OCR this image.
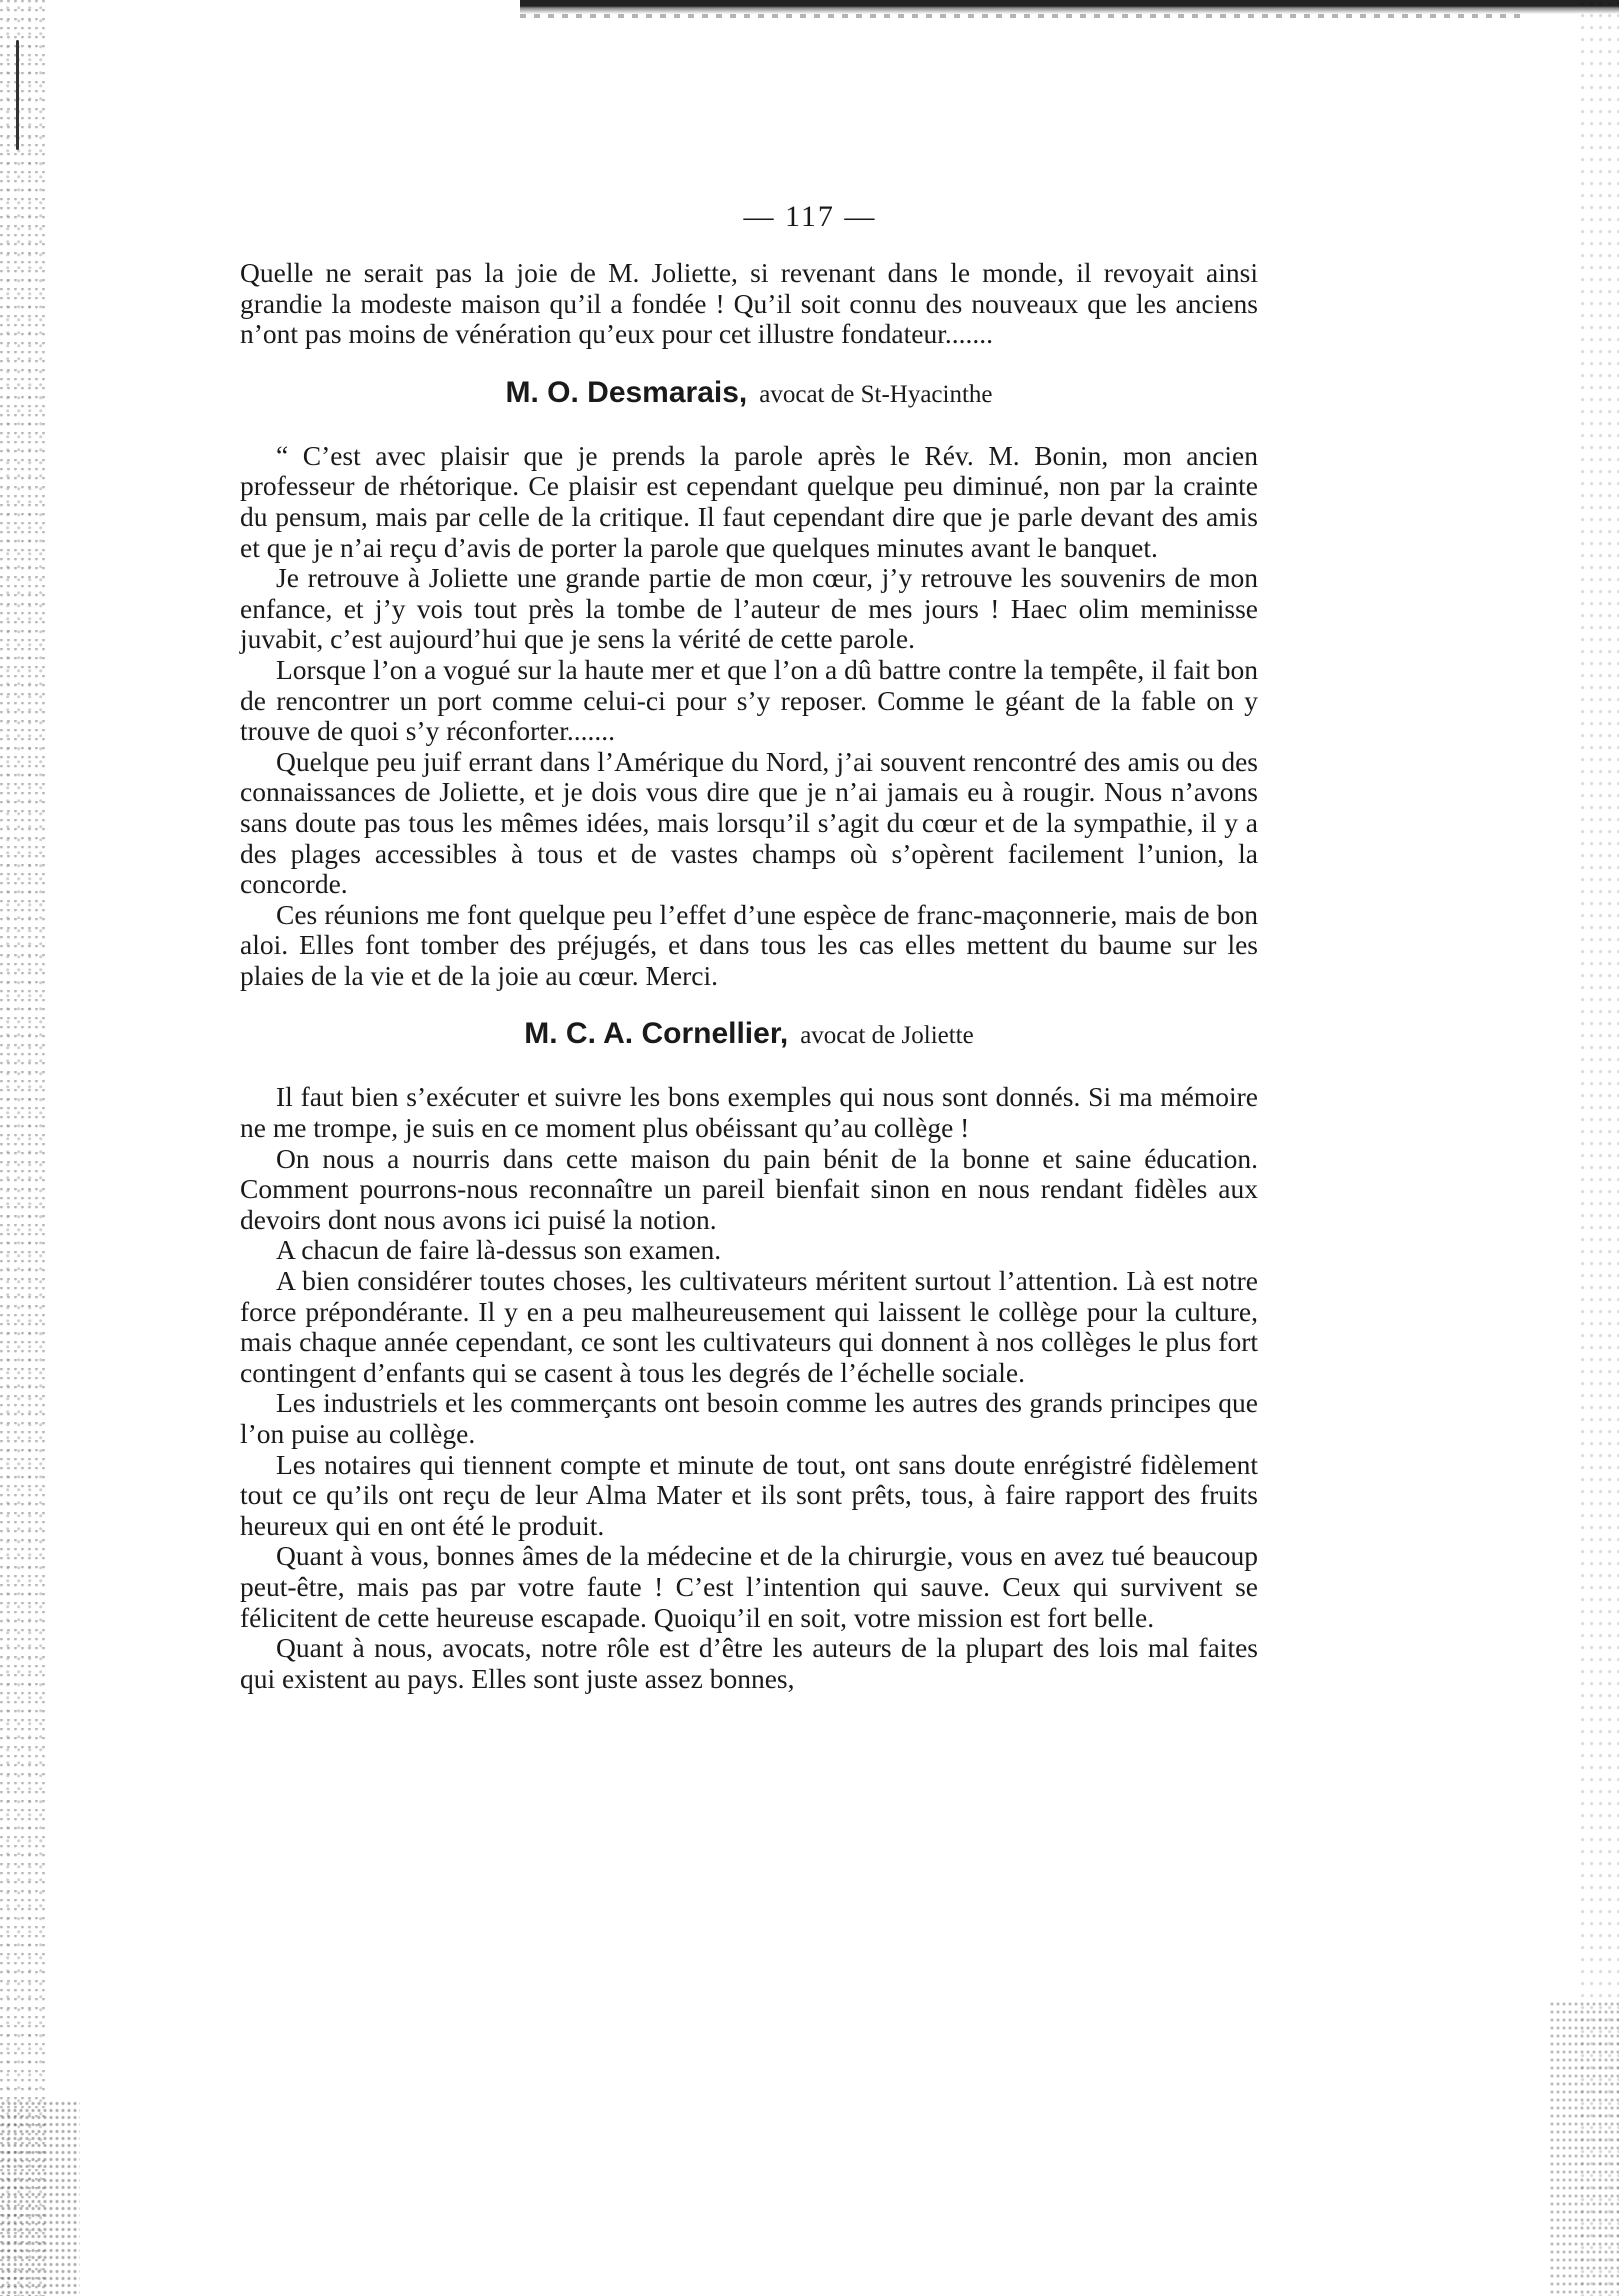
— 117 —

Quelle ne serait pas la joie de M. Joliette, si revenant dans le monde, il revoyait ainsi grandie la modeste maison qu’il a fondée ! Qu’il soit connu des nouveaux que les anciens n’ont pas moins de vénération qu’eux pour cet illustre fondateur.......

M. O. Desmarais, avocat de St-Hyacinthe

“ C’est avec plaisir que je prends la parole après le Rév. M. Bonin, mon ancien professeur de rhétorique. Ce plaisir est cependant quelque peu diminué, non par la crainte du pensum, mais par celle de la critique. Il faut cependant dire que je parle devant des amis et que je n’ai reçu d’avis de porter la parole que quelques minutes avant le banquet.

Je retrouve à Joliette une grande partie de mon cœur, j’y retrouve les souvenirs de mon enfance, et j’y vois tout près la tombe de l’auteur de mes jours ! Haec olim meminisse juvabit, c’est aujourd’hui que je sens la vérité de cette parole.

Lorsque l’on a vogué sur la haute mer et que l’on a dû battre contre la tempête, il fait bon de rencontrer un port comme celui-ci pour s’y reposer. Comme le géant de la fable on y trouve de quoi s’y réconforter.......

Quelque peu juif errant dans l’Amérique du Nord, j’ai souvent rencontré des amis ou des connaissances de Joliette, et je dois vous dire que je n’ai jamais eu à rougir. Nous n’avons sans doute pas tous les mêmes idées, mais lorsqu’il s’agit du cœur et de la sympathie, il y a des plages accessibles à tous et de vastes champs où s’opèrent facilement l’union, la concorde.

Ces réunions me font quelque peu l’effet d’une espèce de franc-maçonnerie, mais de bon aloi. Elles font tomber des préjugés, et dans tous les cas elles mettent du baume sur les plaies de la vie et de la joie au cœur. Merci.

M. C. A. Cornellier, avocat de Joliette

Il faut bien s’exécuter et suivre les bons exemples qui nous sont donnés. Si ma mémoire ne me trompe, je suis en ce moment plus obéissant qu’au collège !

On nous a nourris dans cette maison du pain bénit de la bonne et saine éducation. Comment pourrons-nous reconnaître un pareil bienfait sinon en nous rendant fidèles aux devoirs dont nous avons ici puisé la notion.

A chacun de faire là-dessus son examen.

A bien considérer toutes choses, les cultivateurs méritent surtout l’attention. Là est notre force prépondérante. Il y en a peu malheureusement qui laissent le collège pour la culture, mais chaque année cependant, ce sont les cultivateurs qui donnent à nos collèges le plus fort contingent d’enfants qui se casent à tous les degrés de l’échelle sociale.

Les industriels et les commerçants ont besoin comme les autres des grands principes que l’on puise au collège.

Les notaires qui tiennent compte et minute de tout, ont sans doute enrégistré fidèlement tout ce qu’ils ont reçu de leur Alma Mater et ils sont prêts, tous, à faire rapport des fruits heureux qui en ont été le produit.

Quant à vous, bonnes âmes de la médecine et de la chirurgie, vous en avez tué beaucoup peut-être, mais pas par votre faute ! C’est l’intention qui sauve. Ceux qui survivent se félicitent de cette heureuse escapade. Quoiqu’il en soit, votre mission est fort belle.

Quant à nous, avocats, notre rôle est d’être les auteurs de la plupart des lois mal faites qui existent au pays. Elles sont juste assez bonnes,
